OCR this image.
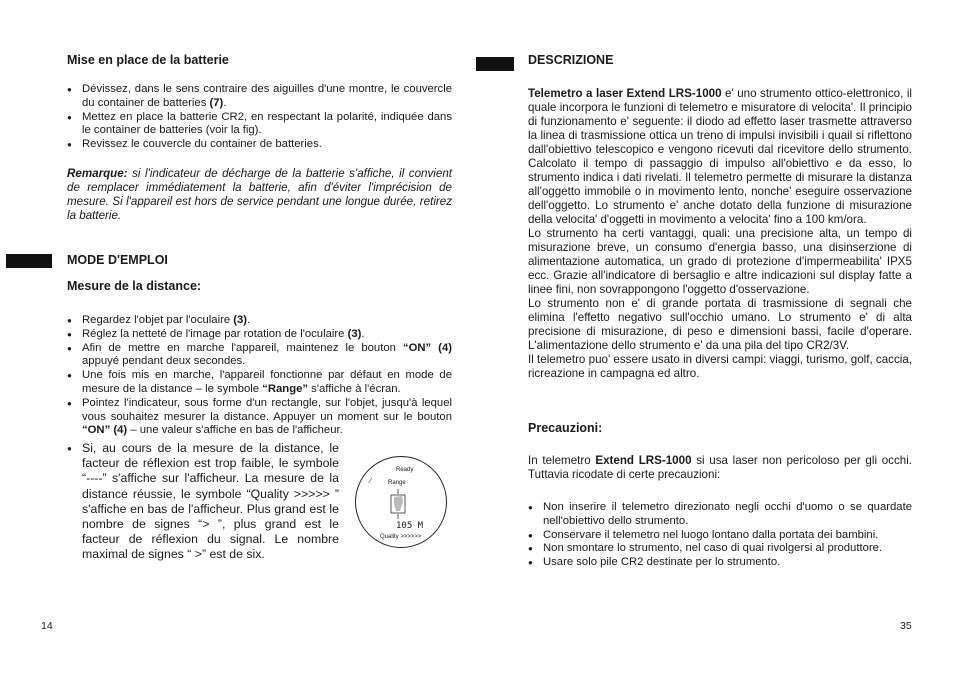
Mise en place de la batterie
● Dévissez, dans le sens contraire des aiguilles d'une montre, le couvercle du container de batteries (7).
● Mettez en place la batterie CR2, en respectant la polarité, indiquée dans le container de batteries (voir la fig).
● Revissez le couvercle du container de batteries.
Remarque: si l'indicateur de décharge de la batterie s'affiche, il convient de remplacer immédiatement la batterie, afin d'éviter l'imprécision de mesure. Si l'appareil est hors de service pendant une longue durée, retirez la batterie.
MODE D'EMPLOI
Mesure de la distance:
● Regardez l'objet par l'oculaire (3).
● Réglez la netteté de l'image par rotation de l'oculaire (3).
● Afin de mettre en marche l'appareil, maintenez le bouton “ON” (4) appuyé pendant deux secondes.
● Une fois mis en marche, l'appareil fonctionne par défaut en mode de mesure de la distance – le symbole “Range” s'affiche à l'écran.
● Pointez l'indicateur, sous forme d'un rectangle, sur l'objet, jusqu'à lequel vous souhaitez mesurer la distance. Appuyer un moment sur le bouton “ON” (4) – une valeur s'affiche en bas de l'afficheur.
● Si, au cours de la mesure de la distance, le facteur de réflexion est trop faible, le symbole “----” s'affiche sur l'afficheur. La mesure de la distance réussie, le symbole “Quality >>>>> ” s'affiche en bas de l'afficheur. Plus grand est le nombre de signes “> ”, plus grand est le facteur de réflexion du signal. Le nombre maximal de signes “ >” est de six.
Ready
∕	Range
105 M
Quality >>>>>>
14
DESCRIZIONE
Telemetro a laser Extend LRS-1000 e' uno strumento ottico-elettronico, il quale incorpora le funzioni di telemetro e misuratore di velocita'. Il principio di funzionamento e' seguente: il diodo ad effetto laser trasmette attraverso la linea di trasmissione ottica un treno di impulsi invisibili i quail si riflettono dall'obiettivo telescopico e vengono ricevuti dal ricevitore dello strumento. Calcolato il tempo di passaggio di impulso all'obiettivo e da esso, lo strumento indica i dati rivelati. Il telemetro permette di misurare la distanza all'oggetto immobile o in movimento lento, nonche' eseguire osservazione dell'oggetto. Lo strumento e' anche dotato della funzione di misurazione della velocita' d'oggetti in movimento a velocita' fino a 100 km/ora.
Lo strumento ha certi vantaggi, quali: una precisione alta, un tempo di misurazione breve, un consumo d'energia basso, una disinserzione di alimentazione automatica, un grado di protezione d'impermeabilita' IPX5 ecc. Grazie all'indicatore di bersaglio e altre indicazioni sul display fatte a linee fini, non sovrappongono l'oggetto d'osservazione.
Lo strumento non e' di grande portata di trasmissione di segnali che elimina l'effetto negativo sull'occhio umano. Lo strumento e' di alta precisione di misurazione, di peso e dimensioni bassi, facile d'operare. L'alimentazione dello strumento e' da una pila del tipo CR2/3V.
Il telemetro puo' essere usato in diversi campi: viaggi, turismo, golf, caccia, ricreazione in campagna ed altro.
Precauzioni:
In telemetro Extend LRS-1000 si usa laser non pericoloso per gli occhi. Tuttavia ricodate di certe precauzioni:
● Non inserire il telemetro direzionato negli occhi d'uomo o se quardate nell'obiettivo dello strumento.
● Conservare il telemetro nel luogo lontano dalla portata dei bambini.
● Non smontare lo strumento, nel caso di quai rivolgersi al produttore.
● Usare solo pile CR2 destinate per lo strumento.
35
